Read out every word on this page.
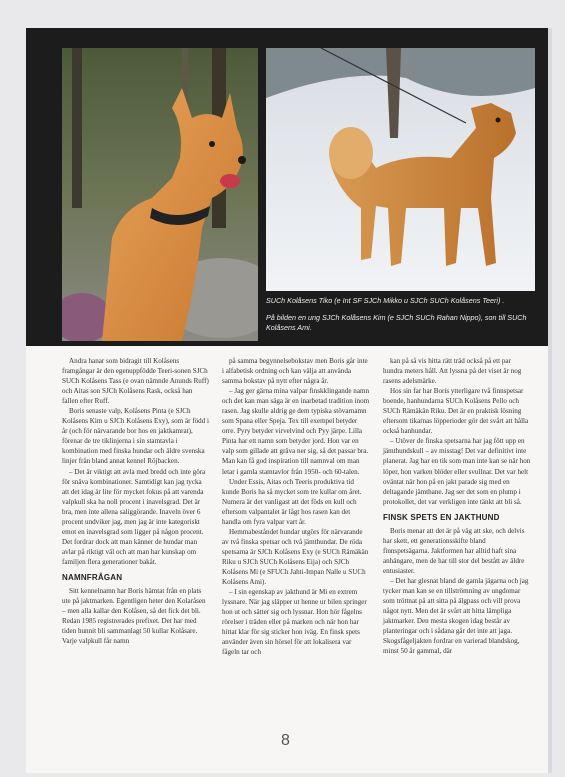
SUCh Kolåsens Tiko (e Int SF SJCh Mikko u SJCh SUCh Kolåsens Teeri) .

På bilden en ung SJCh Kolåsens Kim (e SJCh SUCh Rahan Nippo), son till SUCh Kolåsens Ami.

Andra hanar som bidragit till Kolåsens framgångar är den egenuppfödde Teeri-sonen SJCh SUCh Kolåsens Tass (e ovan nämnde Anunds Ruff) och Aitas son SJCh Kolåsens Rask, också han fallen efter Ruff.

Boris senaste valp, Kolåsens Pinta (e SJCh Kolåsens Kim u SJCh Kolåsens Exy), som är född i år (och för närvarande bor hos en jaktkamrat), förenar de tre tiklinjerna i sin stamtavla i kombination med finska hundar och äldre svenska linjer från bland annat kennel Röjbacken.

– Det är viktigt att avla med bredd och inte göra för snäva kombinationer. Samtidigt kan jag tycka att det idag är lite för mycket fokus på att varenda valpkull ska ha noll procent i inavelsgrad. Det är bra, men inte allena saliggörande. Inaveln över 6 procent undviker jag, men jag är inte kategoriskt emot en inavelsgrad som ligger på någon procent. Det fordrar dock att man känner de hundar man avlar på riktigt väl och att man har kunskap om familjen flera generationer bakåt.

NAMNFRÅGAN

Sitt kennelnamn har Boris hämtat från en plats ute på jaktmarken. Egentligen heter den Kolaråsen – men alla kallar den Kolåsen, så det fick det bli. Redan 1985 registrerades prefixet. Det har med tiden hunnit bli sammanlagt 50 kullar Kolåsare. Varje valpkull får namn

på samma begynnelsebokstav men Boris går inte i alfabetisk ordning och kan välja att använda samma bokstav på nytt efter några år.

– Jag ger gärna mina valpar finskklingande namn och det kan man säga är en inarbetad tradition inom rasen. Jag skulle aldrig ge dem typiska stövarnamn som Spana eller Speja. Tex till exempel betyder orre. Pyry betyder virvelvind och Pyy järpe. Lilla Pinta har ett namn som betyder jord. Hon var en valp som gillade att gräva ner sig, så det passar bra. Man kan få god inspiration till namnval om man letar i gamla stamtavlor från 1950- och 60-talen.

Under Essis, Aitas och Teeris produktiva tid kunde Boris ha så mycket som tre kullar om året. Numera är det vanligast att det föds en kull och eftersom valpantalet är lågt hos rasen kan det handla om fyra valpar vart år.

Hemmabeståndet hundar utgörs för närvarande av två finska spetsar och två jämthundar. De röda spetsarna är SJCh Kolåsens Exy (e SUCh Rämäkän Riku u SJCh SUCh Kolåsens Eija) och SJCh Kolåsens Mi (e SFUCh Jahti-Impan Nalle u SUCh Kolåsens Ami).

– I sin egenskap av jakthund är Mi en extrem lyssnare. När jag släpper ut henne ur bilen springer hon ut och sätter sig och lyssnar. Hon hör fågelns rörelser i träden eller på marken och när hon har hittat klar för sig sticker hon iväg. En finsk spets använder även sin hörsel för att lokalisera var fågeln tar och

kan på så vis hitta rätt träd också på ett par hundra meters håll. Att lyssna på det viset är nog rasens adelsmärke.

Hos sin far har Boris ytterligare två finnspetsar boende, hanhundarna SUCh Kolåsens Pello och SUCh Rämäkän Riku. Det är en praktisk lösning eftersom tikarnas löpperioder gör det svårt att hålla också hanhundar.

– Utöver de finska spetsarna har jag fött upp en jämthundskull – av misstag! Det var definitivt inte planerat. Jag har en tik som man inte kan se när hon löper, hon varken blöder eller svullnar. Det var helt oväntat när hon på en jakt parade sig med en deltagande jämthane. Jag ser det som en plump i protokollet, det var verkligen inte tänkt att bli så.

FINSK SPETS EN JAKTHUND

Boris menar att det är på väg att ske, och delvis har skett, ett generationsskifte bland finnspetsägarna. Jaktformen har alltid haft sina anhängare, men de har till stor del bestått av äldre entusiaster.

– Det har glesnat bland de gamla jägarna och jag tycker man kan se en tillströmning av ungdomar som tröttnat på att sitta på älgpass och vill prova något nytt. Men det är svårt att hitta lämpliga jaktmarker. Den mesta skogen idag består av planteringar och i sådana går det inte att jaga. Skogsfågeljakten fordrar en varierad blandskog, minst 50 år gammal, där

8
